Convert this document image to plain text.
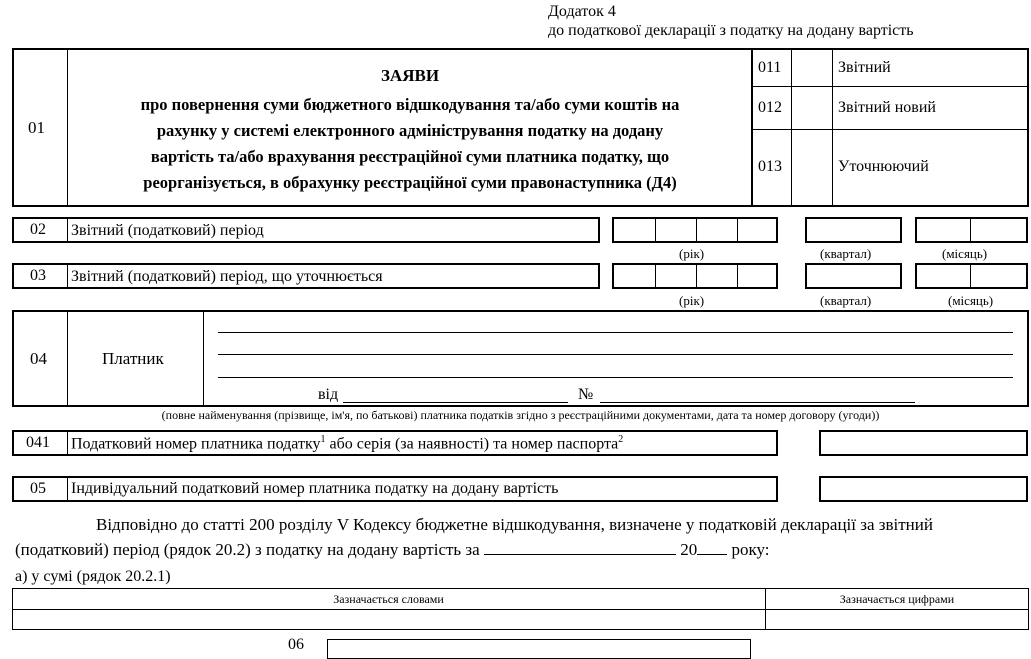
Додаток 4
до податкової декларації з податку на додану вартість
01
ЗАЯВИ
про повернення суми бюджетного відшкодування та/або суми коштів на
рахунку у системі електронного адміністрування податку на додану
вартість та/або врахування реєстраційної суми платника податку, що
реорганізується, в обрахунку реєстраційної суми правонаступника (Д4)
011	Звітний
012	Звітний новий
013	Уточнюючий
02 Звітний (податковий) період
(рік)	(квартал)	(місяць)
03 Звітний (податковий) період, що уточнюється
(рік)	(квартал)	(місяць)
04	Платник
від	№
(повне найменування (прізвище, ім'я, по батькові) платника податків згідно з реєстраційними документами, дата та номер договору (угоди))
041 Податковий номер платника податку$^1$ або серія (за наявності) та номер паспорта$^2$
05 Індивідуальний податковий номер платника податку на додану вартість
Відповідно до статті 200 розділу V Кодексу бюджетне відшкодування, визначене у податковій декларації за звітний
(податковий) період (рядок 20.2) з податку на додану вартість за	20 року:
а) у сумі (рядок 20.2.1)
Зазначається словами	Зазначається цифрами
06
